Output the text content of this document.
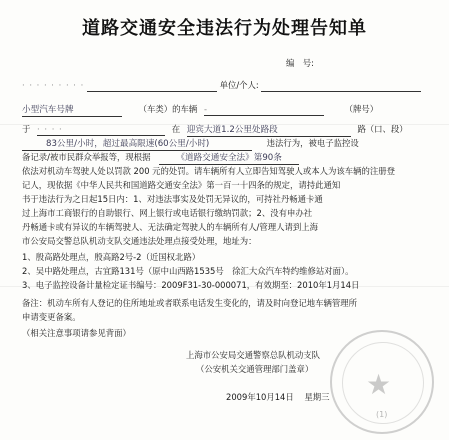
道路交通安全违法行为处理告知单
编　号:
· · · · · · · · ·	单位/个人:
小型汽车号牌	（车类）的车辆 -	（牌号）
于 · · · ·	在 迎宾大道1.2公里处路段	路（口、段）
83公里/小时，超过最高限速(60公里/小时)	违法行为，被电子监控设
备记录/被市民群众举报等，现根据	《道路交通安全法》第90条
依法对机动车驾驶人处以罚款 200 元的处罚。请车辆所有人立即告知驾驶人或本人为该车辆的注册登
记人，现依据《中华人民共和国道路交通安全法》第一百一十四条的规定，请持此通知
书于违法行为之日起15日内：1、对违法事实及处罚无异议的，可持社丹畅通卡通
过上海市工商银行的自助银行、网上银行或电话银行缴纳罚款；2、没有申办社
丹畅通卡或有异议的车辆驾驶人、无法确定驾驶人的车辆所有人/管理人请到上海
市公安局交警总队机动支队交通违法处理点接受处理，地址为：
1、殷高路处理点，殷高路2号-2（近国权北路）
2、吴中路处理点，古宜路131号（原中山西路1535号　徐汇大众汽车特约维修站对面）。
3、电子监控设备计量检定证书编号：2009F31-30-000071，有效期至：2010年1月14日
备注：机动车所有人登记的住所地址或者联系电话发生变化的，请及时向登记地车辆管理所
申请变更备案。
（相关注意事项请参见背面）
★
(1)
上海市公安局交通警察总队机动支队
（公安机关交通管理部门盖章）
2009年10月14日 星期三
